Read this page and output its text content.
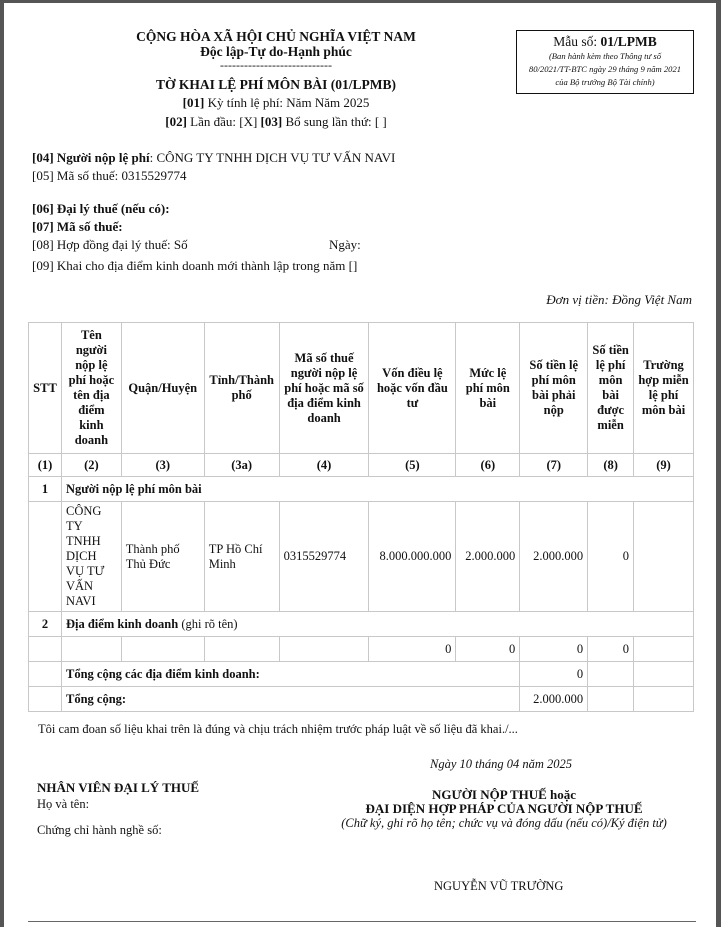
CỘNG HÒA XÃ HỘI CHỦ NGHĨA VIỆT NAM
Độc lập-Tự do-Hạnh phúc
----------------------------
TỜ KHAI LỆ PHÍ MÔN BÀI (01/LPMB)
[01] Kỳ tính lệ phí: Năm Năm 2025
[02] Lần đầu: [X] [03] Bổ sung lần thứ: [ ]
Mẫu số: 01/LPMB
(Ban hành kèm theo Thông tư số
80/2021/TT-BTC ngày 29 tháng 9 năm 2021
của Bộ trưởng Bộ Tài chính)
[04] Người nộp lệ phí: CÔNG TY TNHH DỊCH VỤ TƯ VẤN NAVI
[05] Mã số thuế: 0315529774
[06] Đại lý thuế (nếu có):
[07] Mã số thuế:
[08] Hợp đồng đại lý thuế: Số	Ngày:
[09] Khai cho địa điểm kinh doanh mới thành lập trong năm []
Đơn vị tiền: Đồng Việt Nam
STT	Tên người nộp lệ phí hoặc tên địa điểm kinh doanh	Quận/Huyện	Tỉnh/Thành phố	Mã số thuế người nộp lệ phí hoặc mã số địa điểm kinh doanh	Vốn điều lệ hoặc vốn đầu tư	Mức lệ phí môn bài	Số tiền lệ phí môn bài phải nộp	Số tiền lệ phí môn bài được miễn	Trường hợp miễn lệ phí môn bài
(1)	(2)	(3)	(3a)	(4)	(5)	(6)	(7)	(8)	(9)
1	Người nộp lệ phí môn bài								
	CÔNG TY TNHH DỊCH VỤ TƯ VẤN NAVI	Thành phố Thủ Đức	TP Hồ Chí Minh	0315529774	8.000.000.000	2.000.000	2.000.000	0	
2	Địa điểm kinh doanh (ghi rõ tên)								
					0	0	0	0	
	Tổng cộng các địa điểm kinh doanh:						0		
	Tổng cộng:						2.000.000		
Tôi cam đoan số liệu khai trên là đúng và chịu trách nhiệm trước pháp luật về số liệu đã khai./...
Ngày 10 tháng 04 năm 2025
NHÂN VIÊN ĐẠI LÝ THUẾ
Họ và tên:
Chứng chỉ hành nghề số:
NGƯỜI NỘP THUẾ hoặc
ĐẠI DIỆN HỢP PHÁP CỦA NGƯỜI NỘP THUẾ
(Chữ ký, ghi rõ họ tên; chức vụ và đóng dấu (nếu có)/Ký điện tử)
NGUYỄN VŨ TRƯỜNG
